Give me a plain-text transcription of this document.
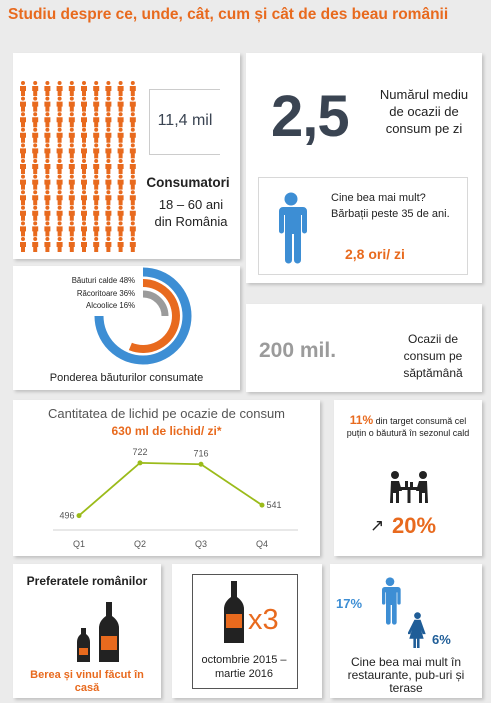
Studiu despre ce, unde, cât, cum și cât de des beau românii
11,4 mil
Consumatori
18 – 60 ani din România
2,5	Numărul mediu de ocazii de consum pe zi
Cine bea mai mult?
Bărbații peste 35 de ani.
2,8 ori/ zi
Băuturi calde 48%
Răcoritoare 36%
Alcoolice 16%
Ponderea băuturilor consumate
200 mil.	Ocazii de consum pe săptămână
Cantitatea de lichid pe ocazie de consum
630 ml de lichid/ zi*
496
Q1
722
Q2
716
Q3
541
Q4
11% din target consumă cel puțin o băutură în sezonul cald
↗ 20%
Preferatele românilor
Berea și vinul făcut în casă
x3
octombrie 2015 – martie 2016
17%
6%
Cine bea mai mult în restaurante, pub-uri și terase
